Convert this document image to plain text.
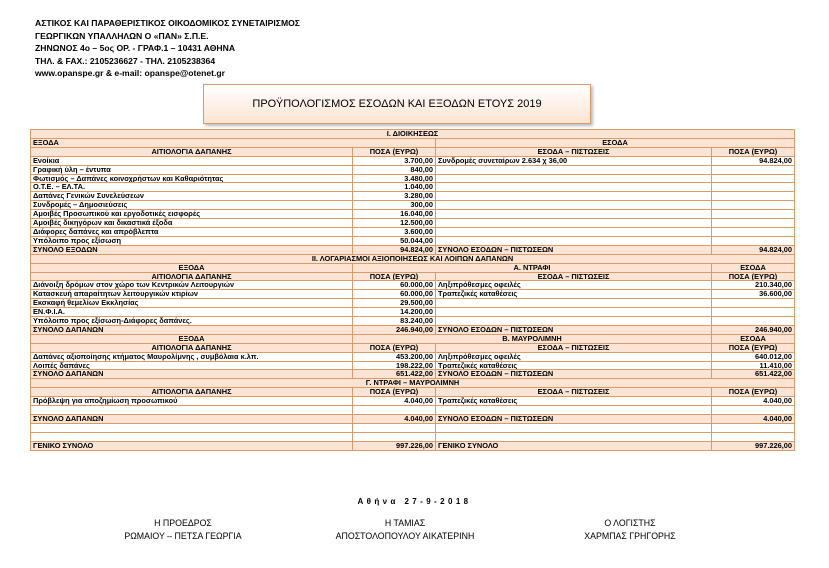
ΑΣΤΙΚΟΣ ΚΑΙ ΠΑΡΑΘΕΡΙΣΤΙΚΟΣ ΟΙΚΟΔΟΜΙΚΟΣ ΣΥΝΕΤΑΙΡΙΣΜΟΣ
ΓΕΩΡΓΙΚΩΝ ΥΠΑΛΛΗΛΩΝ Ο «ΠΑΝ» Σ.Π.Ε.
ΖΗΝΩΝΟΣ 4ο – 5ος ΟΡ. - ΓΡΑΦ.1 – 10431 ΑΘΗΝΑ
ΤΗΛ. & FAX.: 2105236627 - ΤΗΛ. 2105238364
www.opanspe.gr & e-mail: opanspe@otenet.gr
ΠΡΟΫΠΟΛΟΓΙΣΜΟΣ ΕΣΟΔΩΝ ΚΑΙ ΕΞΟΔΩΝ ΕΤΟΥΣ 2019
Ι. ΔΙΟΙΚΗΣΕΩΣ			
ΕΞΟΔΑ		ΕΣΟΔΑ	
ΑΙΤΙΟΛΟΓΙΑ ΔΑΠΑΝΗΣ	ΠΟΣΑ (ΕΥΡΩ)	ΕΣΟΔΑ – ΠΙΣΤΩΣΕΙΣ	ΠΟΣΑ (ΕΥΡΩ)
Ενοίκια	3.700,00	Συνδρομές συνεταίρων 2.634 χ 36,00	94.824,00
Γραφική ύλη – έντυπα	840,00		
Φωτισμός – Δαπάνες κοινοχρήστων και Καθαριότητας	3.480,00		
Ο.Τ.Ε. – ΕΛ.ΤΑ.	1.040,00		
Δαπάνες Γενικών Συνελεύσεων	3.280,00		
Συνδρομές – Δημοσιεύσεις	300,00		
Αμοιβές Προσωπικού και εργοδοτικές εισφορές	16.040,00		
Αμοιβές δικηγόρων και δικαστικά έξοδα	12.500,00		
Διάφορες δαπάνες και απρόβλεπτα	3.600,00		
Υπόλοιπο προς εξίσωση	50.044,00		
ΣΥΝΟΛΟ ΕΞΟΔΩΝ	94.824,00	ΣΥΝΟΛΟ ΕΣΟΔΩΝ – ΠΙΣΤΩΣΕΩΝ	94.824,00
ΙΙ. ΛΟΓΑΡΙΑΣΜΟΙ ΑΞΙΟΠΟΙΗΣΕΩΣ ΚΑΙ ΛΟΙΠΩΝ ΔΑΠΑΝΩΝ			
ΕΞΟΔΑ	Α. ΝΤΡΑΦΙ		ΕΣΟΔΑ
ΑΙΤΙΟΛΟΓΙΑ ΔΑΠΑΝΗΣ	ΠΟΣΑ (ΕΥΡΩ)	ΕΣΟΔΑ – ΠΙΣΤΩΣΕΙΣ	ΠΟΣΑ (ΕΥΡΩ)
Διάνοιξη δρόμων στον χώρο των Κεντρικών Λειτουργιών	60.000,00	Ληξιπρόθεσμες οφειλές	210.340,00
Κατασκευή απαραίτητων λειτουργικών κτιρίων	60.000,00	Τραπεζικές καταθέσεις	36.600,00
Εκσκαφή θεμελίων Εκκλησίας	29.500,00		
ΕΝ.Φ.Ι.Α.	14.200,00		
Υπόλοιπο προς εξίσωση-Διάφορες δαπάνες.	83.240,00		
ΣΥΝΟΛΟ ΔΑΠΑΝΩΝ	246.940,00	ΣΥΝΟΛΟ ΕΣΟΔΩΝ – ΠΙΣΤΩΣΕΩΝ	246.940,00
ΕΞΟΔΑ	Β. ΜΑΥΡΟΛΙΜΝΗ		ΕΣΟΔΑ
ΑΙΤΙΟΛΟΓΙΑ ΔΑΠΑΝΗΣ	ΠΟΣΑ (ΕΥΡΩ)	ΕΣΟΔΑ – ΠΙΣΤΩΣΕΙΣ	ΠΟΣΑ (ΕΥΡΩ)
Δαπάνες αξιοποίησης κτήματος Μαυρολίμνης , συμβόλαια κ.λπ.	453.200,00	Ληξιπρόθεσμες οφειλές	640.012,00
Λοιπές δαπάνες	198.222,00	Τραπεζικές καταθέσεις	11.410,00
ΣΥΝΟΛΟ ΔΑΠΑΝΩΝ	651.422,00	ΣΥΝΟΛΟ ΕΣΟΔΩΝ – ΠΙΣΤΩΣΕΩΝ	651.422,00
Γ. ΝΤΡΑΦΙ – ΜΑΥΡΟΛΙΜΝΗ			
ΑΙΤΙΟΛΟΓΙΑ ΔΑΠΑΝΗΣ	ΠΟΣΑ (ΕΥΡΩ)	ΕΣΟΔΑ – ΠΙΣΤΩΣΕΙΣ	ΠΟΣΑ (ΕΥΡΩ)
Πρόβλεψη για αποζημίωση προσωπικού	4.040,00	Τραπεζικές καταθέσεις	4.040,00

ΣΥΝΟΛΟ ΔΑΠΑΝΩΝ	4.040,00	ΣΥΝΟΛΟ ΕΣΟΔΩΝ – ΠΙΣΤΩΣΕΩΝ	4.040,00

ΓΕΝΙΚΟ ΣΥΝΟΛΟ	997.226,00	ΓΕΝΙΚΟ ΣΥΝΟΛΟ	997.226,00
Αθήνα 27-9-2018
Η ΠΡΟΕΔΡΟΣ
ΡΩΜΑΙΟΥ – ΠΕΤΣΑ ΓΕΩΡΓΙΑ
Η ΤΑΜΙΑΣ
ΑΠΟΣΤΟΛΟΠΟΥΛΟΥ ΑΙΚΑΤΕΡΙΝΗ
Ο ΛΟΓΙΣΤΗΣ
ΧΑΡΜΠΑΣ ΓΡΗΓΟΡΗΣ
